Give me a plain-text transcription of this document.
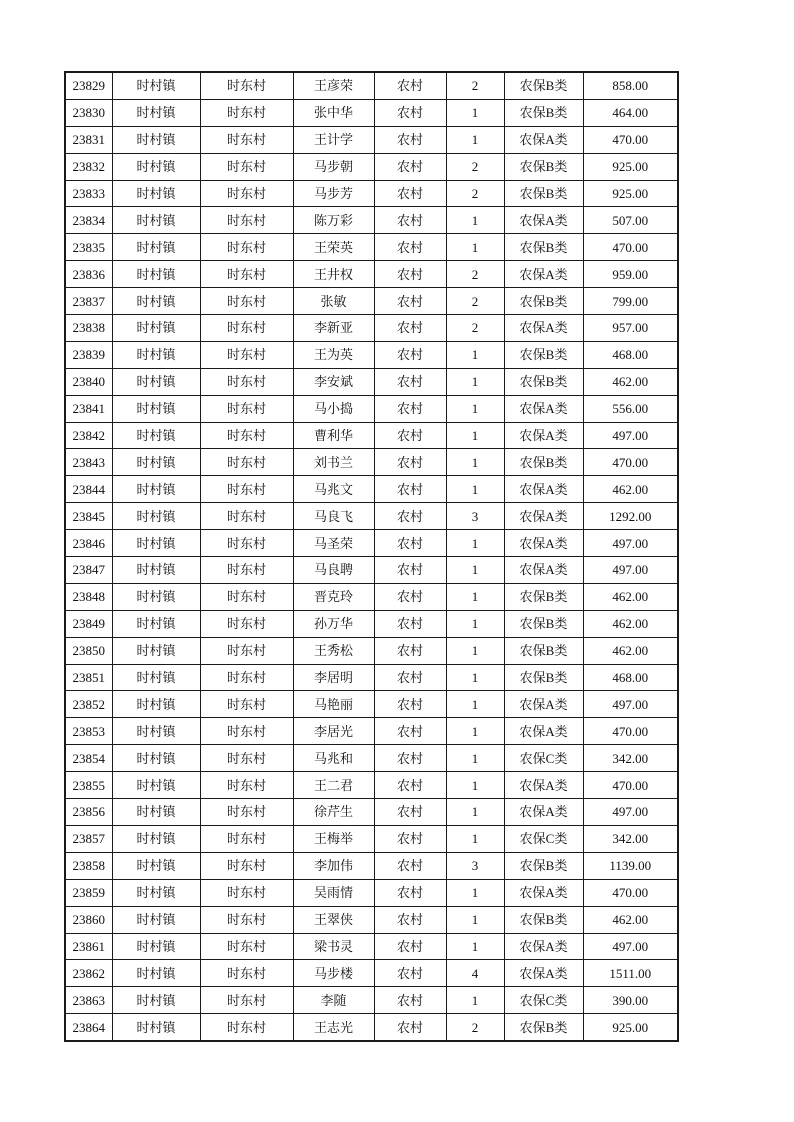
23829	时村镇	时东村	王彦荣	农村	2	农保B类	858.00
23830	时村镇	时东村	张中华	农村	1	农保B类	464.00
23831	时村镇	时东村	王计学	农村	1	农保A类	470.00
23832	时村镇	时东村	马步朝	农村	2	农保B类	925.00
23833	时村镇	时东村	马步芳	农村	2	农保B类	925.00
23834	时村镇	时东村	陈万彩	农村	1	农保A类	507.00
23835	时村镇	时东村	王荣英	农村	1	农保B类	470.00
23836	时村镇	时东村	王井权	农村	2	农保A类	959.00
23837	时村镇	时东村	张敏	农村	2	农保B类	799.00
23838	时村镇	时东村	李新亚	农村	2	农保A类	957.00
23839	时村镇	时东村	王为英	农村	1	农保B类	468.00
23840	时村镇	时东村	李安斌	农村	1	农保B类	462.00
23841	时村镇	时东村	马小捣	农村	1	农保A类	556.00
23842	时村镇	时东村	曹利华	农村	1	农保A类	497.00
23843	时村镇	时东村	刘书兰	农村	1	农保B类	470.00
23844	时村镇	时东村	马兆文	农村	1	农保A类	462.00
23845	时村镇	时东村	马良飞	农村	3	农保A类	1292.00
23846	时村镇	时东村	马圣荣	农村	1	农保A类	497.00
23847	时村镇	时东村	马良聘	农村	1	农保A类	497.00
23848	时村镇	时东村	晋克玲	农村	1	农保B类	462.00
23849	时村镇	时东村	孙万华	农村	1	农保B类	462.00
23850	时村镇	时东村	王秀松	农村	1	农保B类	462.00
23851	时村镇	时东村	李居明	农村	1	农保B类	468.00
23852	时村镇	时东村	马艳丽	农村	1	农保A类	497.00
23853	时村镇	时东村	李居光	农村	1	农保A类	470.00
23854	时村镇	时东村	马兆和	农村	1	农保C类	342.00
23855	时村镇	时东村	王二君	农村	1	农保A类	470.00
23856	时村镇	时东村	徐芹生	农村	1	农保A类	497.00
23857	时村镇	时东村	王梅举	农村	1	农保C类	342.00
23858	时村镇	时东村	李加伟	农村	3	农保B类	1139.00
23859	时村镇	时东村	吴雨情	农村	1	农保A类	470.00
23860	时村镇	时东村	王翠侠	农村	1	农保B类	462.00
23861	时村镇	时东村	梁书灵	农村	1	农保A类	497.00
23862	时村镇	时东村	马步楼	农村	4	农保A类	1511.00
23863	时村镇	时东村	李随	农村	1	农保C类	390.00
23864	时村镇	时东村	王志光	农村	2	农保B类	925.00
